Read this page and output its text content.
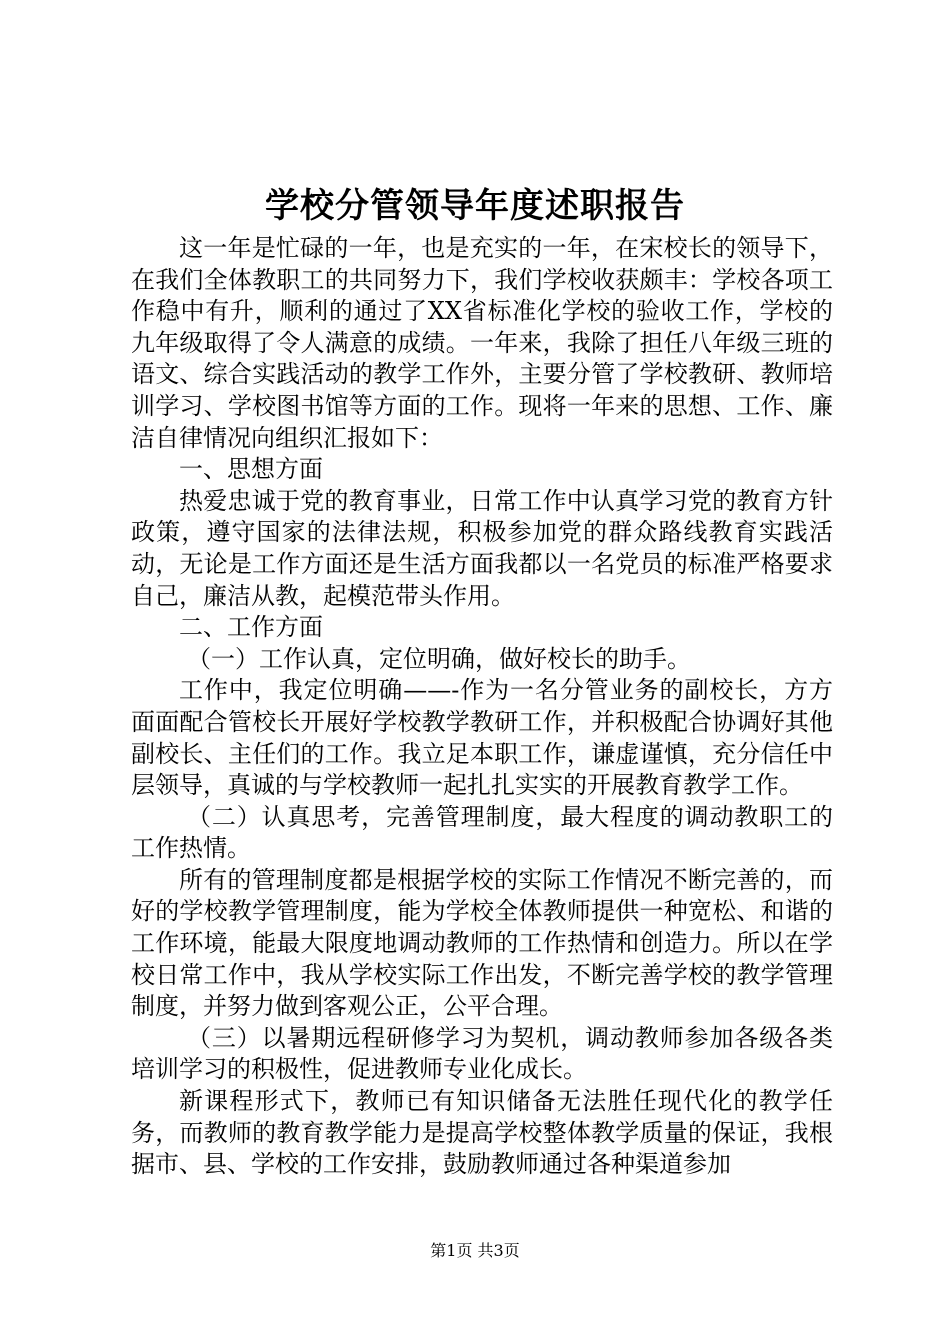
学校分管领导年度述职报告

这一年是忙碌的一年，也是充实的一年，在宋校长的领导下，在我们全体教职工的共同努力下，我们学校收获颇丰：学校各项工作稳中有升，顺利的通过了XX省标准化学校的验收工作，学校的九年级取得了令人满意的成绩。一年来，我除了担任八年级三班的语文、综合实践活动的教学工作外，主要分管了学校教研、教师培训学习、学校图书馆等方面的工作。现将一年来的思想、工作、廉洁自律情况向组织汇报如下：

一、思想方面

热爱忠诚于党的教育事业，日常工作中认真学习党的教育方针政策，遵守国家的法律法规，积极参加党的群众路线教育实践活动，无论是工作方面还是生活方面我都以一名党员的标准严格要求自己，廉洁从教，起模范带头作用。

二、工作方面

（一）工作认真，定位明确，做好校长的助手。

工作中，我定位明确——-作为一名分管业务的副校长，方方面面配合管校长开展好学校教学教研工作，并积极配合协调好其他副校长、主任们的工作。我立足本职工作，谦虚谨慎，充分信任中层领导，真诚的与学校教师一起扎扎实实的开展教育教学工作。

（二）认真思考，完善管理制度，最大程度的调动教职工的工作热情。

所有的管理制度都是根据学校的实际工作情况不断完善的，而好的学校教学管理制度，能为学校全体教师提供一种宽松、和谐的工作环境，能最大限度地调动教师的工作热情和创造力。所以在学校日常工作中，我从学校实际工作出发，不断完善学校的教学管理制度，并努力做到客观公正，公平合理。

（三）以暑期远程研修学习为契机，调动教师参加各级各类培训学习的积极性，促进教师专业化成长。

新课程形式下，教师已有知识储备无法胜任现代化的教学任务，而教师的教育教学能力是提高学校整体教学质量的保证，我根据市、县、学校的工作安排，鼓励教师通过各种渠道参加

第1页 共3页
